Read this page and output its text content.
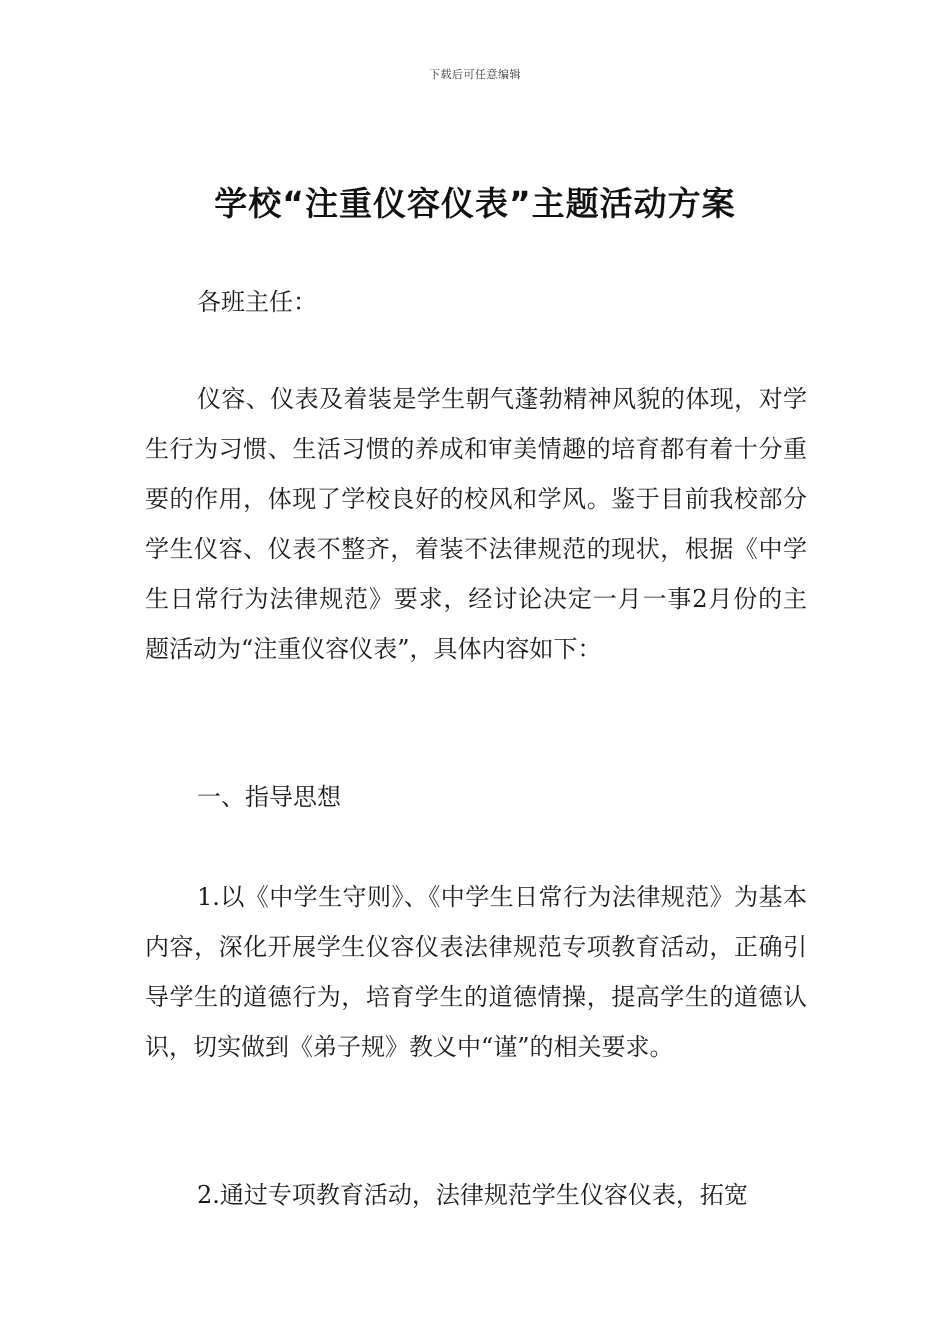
下载后可任意编辑
学校“注重仪容仪表”主题活动方案

各班主任：

仪容、仪表及着装是学生朝气蓬勃精神风貌的体现，对学生行为习惯、生活习惯的养成和审美情趣的培育都有着十分重要的作用，体现了学校良好的校风和学风。鉴于目前我校部分学生仪容、仪表不整齐，着装不法律规范的现状，根据《中学生日常行为法律规范》要求，经讨论决定一月一事2月份的主题活动为“注重仪容仪表”，具体内容如下：

一、指导思想

1.以《中学生守则》、《中学生日常行为法律规范》为基本内容，深化开展学生仪容仪表法律规范专项教育活动，正确引导学生的道德行为，培育学生的道德情操，提高学生的道德认识，切实做到《弟子规》教义中“谨”的相关要求。

2.通过专项教育活动，法律规范学生仪容仪表，拓宽
